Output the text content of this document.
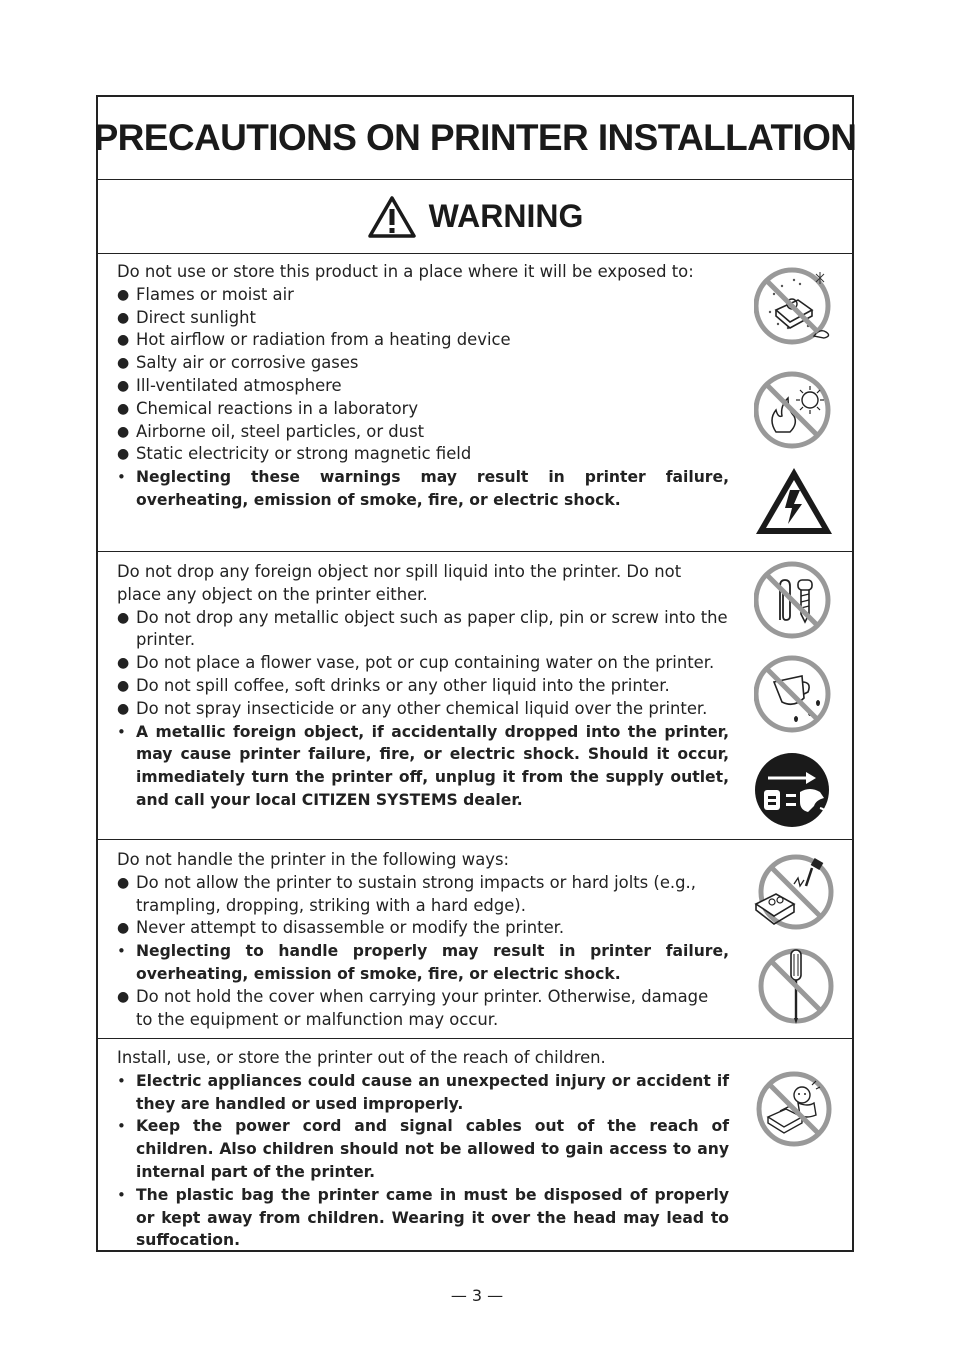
PRECAUTIONS ON PRINTER INSTALLATION
WARNING
Do not use or store this product in a place where it will be exposed to:
● Flames or moist air
● Direct sunlight
● Hot airflow or radiation from a heating device
● Salty air or corrosive gases
● Ill-ventilated atmosphere
● Chemical reactions in a laboratory
● Airborne oil, steel particles, or dust
● Static electricity or strong magnetic field
• Neglecting these warnings may result in printer failure, overheating, emission of smoke, fire, or electric shock.
Do not drop any foreign object nor spill liquid into the printer. Do not place any object on the printer either.
● Do not drop any metallic object such as paper clip, pin or screw into the printer.
● Do not place a flower vase, pot or cup containing water on the printer.
● Do not spill coffee, soft drinks or any other liquid into the printer.
● Do not spray insecticide or any other chemical liquid over the printer.
• A metallic foreign object, if accidentally dropped into the printer, may cause printer failure, fire, or electric shock. Should it occur, immediately turn the printer off, unplug it from the supply outlet, and call your local CITIZEN SYSTEMS dealer.
Do not handle the printer in the following ways:
● Do not allow the printer to sustain strong impacts or hard jolts (e.g., trampling, dropping, striking with a hard edge).
● Never attempt to disassemble or modify the printer.
• Neglecting to handle properly may result in printer failure, overheating, emission of smoke, fire, or electric shock.
● Do not hold the cover when carrying your printer. Otherwise, damage to the equipment or malfunction may occur.
Install, use, or store the printer out of the reach of children.
• Electric appliances could cause an unexpected injury or accident if they are handled or used improperly.
• Keep the power cord and signal cables out of the reach of children. Also children should not be allowed to gain access to any internal part of the printer.
• The plastic bag the printer came in must be disposed of properly or kept away from children. Wearing it over the head may lead to suffocation.
— 3 —
